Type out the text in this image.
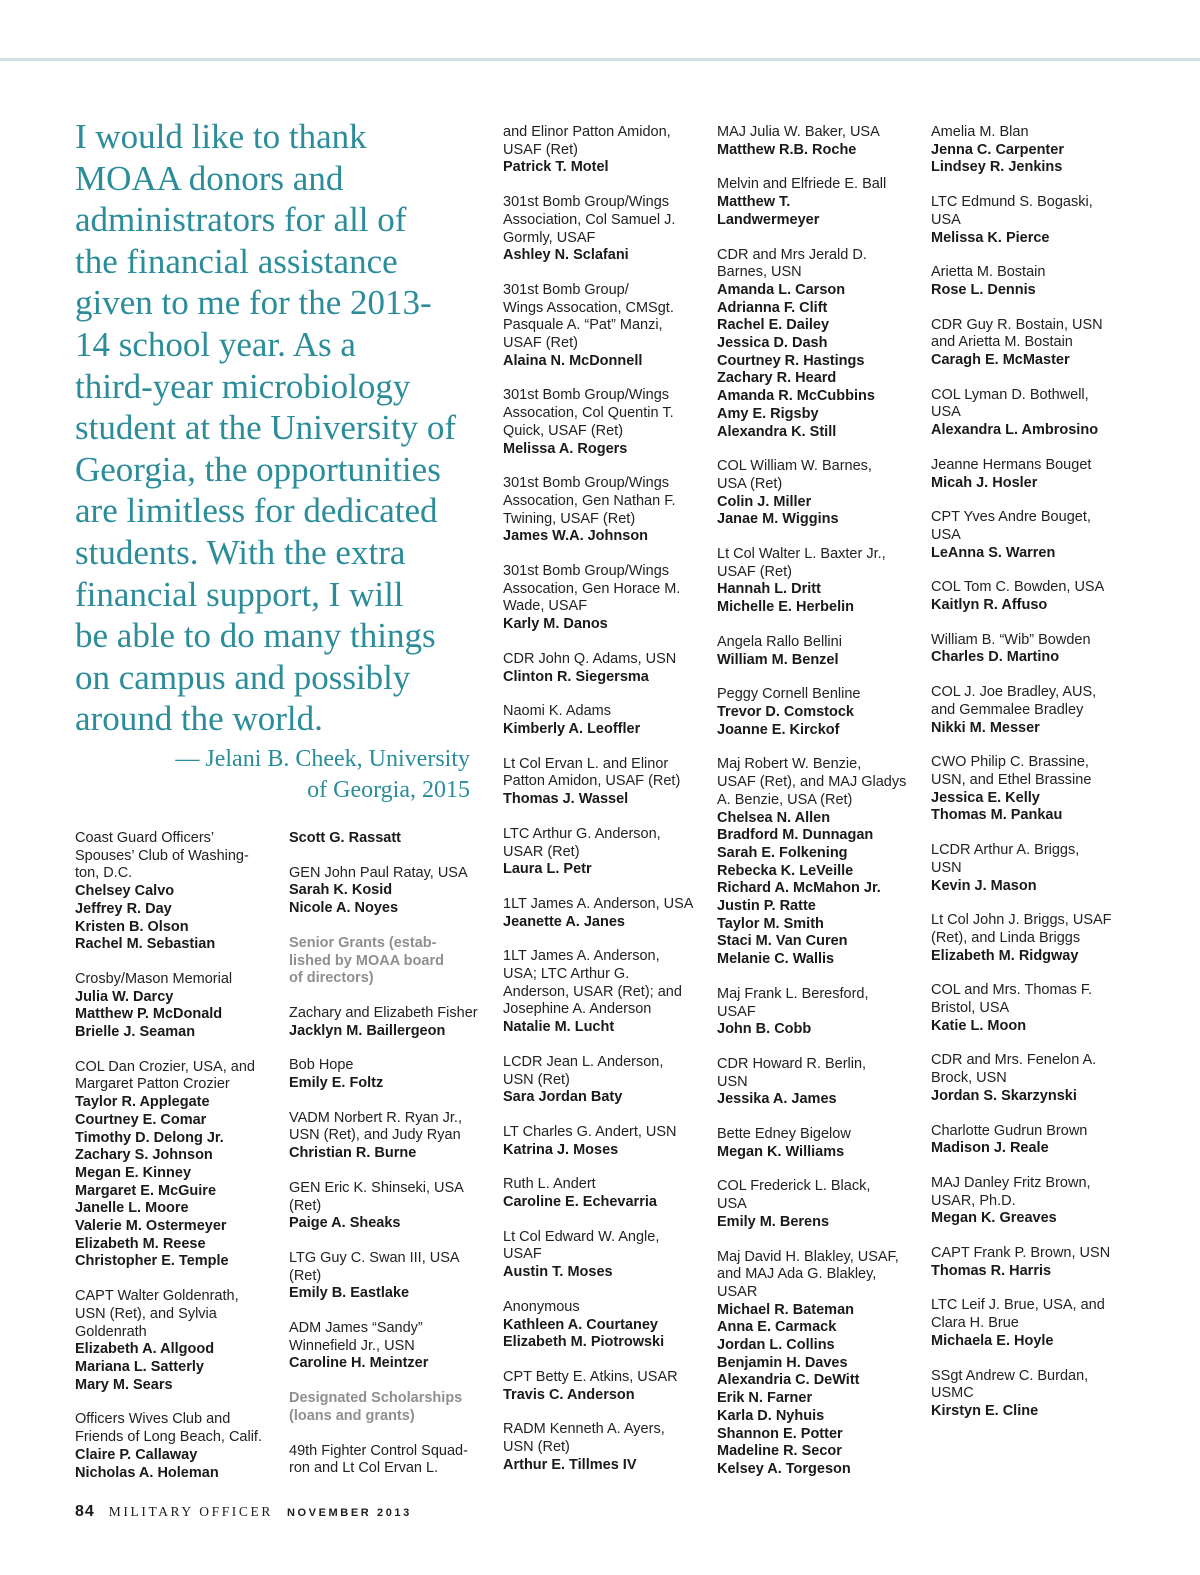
I would like to thank

MOAA donors and

administrators for all of

the financial assistance

given to me for the 2013-

14 school year. As a

third-year microbiology

student at the University of

Georgia, the opportunities

are limitless for dedicated

students. With the extra

financial support, I will

be able to do many things

on campus and possibly

around the world.

— Jelani B. Cheek, University
of Georgia, 2015
Coast Guard Officers’
Spouses’ Club of Washing-
ton, D.C.
Chelsey Calvo
Jeffrey R. Day
Kristen B. Olson
Rachel M. Sebastian
Crosby/Mason Memorial
Julia W. Darcy
Matthew P. McDonald
Brielle J. Seaman
COL Dan Crozier, USA, and
Margaret Patton Crozier
Taylor R. Applegate
Courtney E. Comar
Timothy D. Delong Jr.
Zachary S. Johnson
Megan E. Kinney
Margaret E. McGuire
Janelle L. Moore
Valerie M. Ostermeyer
Elizabeth M. Reese
Christopher E. Temple
CAPT Walter Goldenrath,
USN (Ret), and Sylvia
Goldenrath
Elizabeth A. Allgood
Mariana L. Satterly
Mary M. Sears
Officers Wives Club and
Friends of Long Beach, Calif.
Claire P. Callaway
Nicholas A. Holeman
Scott G. Rassatt
GEN John Paul Ratay, USA
Sarah K. Kosid
Nicole A. Noyes
Senior Grants (estab-
lished by MOAA board
of directors)
Zachary and Elizabeth Fisher
Jacklyn M. Baillergeon
Bob Hope
Emily E. Foltz
VADM Norbert R. Ryan Jr.,
USN (Ret), and Judy Ryan
Christian R. Burne
GEN Eric K. Shinseki, USA
(Ret)
Paige A. Sheaks
LTG Guy C. Swan III, USA
(Ret)
Emily B. Eastlake
ADM James “Sandy”
Winnefield Jr., USN
Caroline H. Meintzer
Designated Scholarships
(loans and grants)
49th Fighter Control Squad-
ron and Lt Col Ervan L.
and Elinor Patton Amidon,
USAF (Ret)
Patrick T. Motel
301st Bomb Group/Wings
Association, Col Samuel J.
Gormly, USAF
Ashley N. Sclafani
301st Bomb Group/
Wings Assocation, CMSgt.
Pasquale A. “Pat” Manzi,
USAF (Ret)
Alaina N. McDonnell
301st Bomb Group/Wings
Assocation, Col Quentin T.
Quick, USAF (Ret)
Melissa A. Rogers
301st Bomb Group/Wings
Assocation, Gen Nathan F.
Twining, USAF (Ret)
James W.A. Johnson
301st Bomb Group/Wings
Assocation, Gen Horace M.
Wade, USAF
Karly M. Danos
CDR John Q. Adams, USN
Clinton R. Siegersma
Naomi K. Adams
Kimberly A. Leoffler
Lt Col Ervan L. and Elinor
Patton Amidon, USAF (Ret)
Thomas J. Wassel
LTC Arthur G. Anderson,
USAR (Ret)
Laura L. Petr
1LT James A. Anderson, USA
Jeanette A. Janes
1LT James A. Anderson,
USA; LTC Arthur G.
Anderson, USAR (Ret); and
Josephine A. Anderson
Natalie M. Lucht
LCDR Jean L. Anderson,
USN (Ret)
Sara Jordan Baty
LT Charles G. Andert, USN
Katrina J. Moses
Ruth L. Andert
Caroline E. Echevarria
Lt Col Edward W. Angle,
USAF
Austin T. Moses
Anonymous
Kathleen A. Courtaney
Elizabeth M. Piotrowski
CPT Betty E. Atkins, USAR
Travis C. Anderson
RADM Kenneth A. Ayers,
USN (Ret)
Arthur E. Tillmes IV
MAJ Julia W. Baker, USA
Matthew R.B. Roche
Melvin and Elfriede E. Ball
Matthew T.
Landwermeyer
CDR and Mrs Jerald D.
Barnes, USN
Amanda L. Carson
Adrianna F. Clift
Rachel E. Dailey
Jessica D. Dash
Courtney R. Hastings
Zachary R. Heard
Amanda R. McCubbins
Amy E. Rigsby
Alexandra K. Still
COL William W. Barnes,
USA (Ret)
Colin J. Miller
Janae M. Wiggins
Lt Col Walter L. Baxter Jr.,
USAF (Ret)
Hannah L. Dritt
Michelle E. Herbelin
Angela Rallo Bellini
William M. Benzel
Peggy Cornell Benline
Trevor D. Comstock
Joanne E. Kirckof
Maj Robert W. Benzie,
USAF (Ret), and MAJ Gladys
A. Benzie, USA (Ret)
Chelsea N. Allen
Bradford M. Dunnagan
Sarah E. Folkening
Rebecka K. LeVeille
Richard A. McMahon Jr.
Justin P. Ratte
Taylor M. Smith
Staci M. Van Curen
Melanie C. Wallis
Maj Frank L. Beresford,
USAF
John B. Cobb
CDR Howard R. Berlin,
USN
Jessika A. James
Bette Edney Bigelow
Megan K. Williams
COL Frederick L. Black,
USA
Emily M. Berens
Maj David H. Blakley, USAF,
and MAJ Ada G. Blakley,
USAR
Michael R. Bateman
Anna E. Carmack
Jordan L. Collins
Benjamin H. Daves
Alexandria C. DeWitt
Erik N. Farner
Karla D. Nyhuis
Shannon E. Potter
Madeline R. Secor
Kelsey A. Torgeson
Amelia M. Blan
Jenna C. Carpenter
Lindsey R. Jenkins
LTC Edmund S. Bogaski,
USA
Melissa K. Pierce
Arietta M. Bostain
Rose L. Dennis
CDR Guy R. Bostain, USN
and Arietta M. Bostain
Caragh E. McMaster
COL Lyman D. Bothwell,
USA
Alexandra L. Ambrosino
Jeanne Hermans Bouget
Micah J. Hosler
CPT Yves Andre Bouget,
USA
LeAnna S. Warren
COL Tom C. Bowden, USA
Kaitlyn R. Affuso
William B. “Wib” Bowden
Charles D. Martino
COL J. Joe Bradley, AUS,
and Gemmalee Bradley
Nikki M. Messer
CWO Philip C. Brassine,
USN, and Ethel Brassine
Jessica E. Kelly
Thomas M. Pankau
LCDR Arthur A. Briggs,
USN
Kevin J. Mason
Lt Col John J. Briggs, USAF
(Ret), and Linda Briggs
Elizabeth M. Ridgway
COL and Mrs. Thomas F.
Bristol, USA
Katie L. Moon
CDR and Mrs. Fenelon A.
Brock, USN
Jordan S. Skarzynski
Charlotte Gudrun Brown
Madison J. Reale
MAJ Danley Fritz Brown,
USAR, Ph.D.
Megan K. Greaves
CAPT Frank P. Brown, USN
Thomas R. Harris
LTC Leif J. Brue, USA, and
Clara H. Brue
Michaela E. Hoyle
SSgt Andrew C. Burdan,
USMC
Kirstyn E. Cline
84 MILITARY OFFICER NOVEMBER 2013
